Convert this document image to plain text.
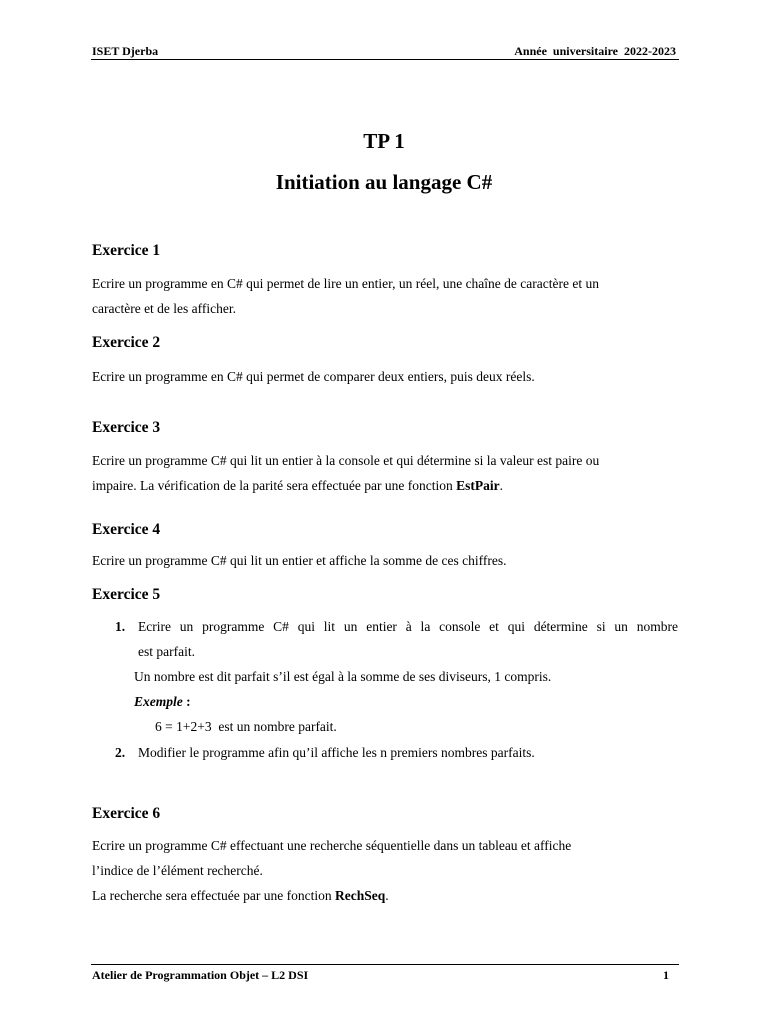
ISET Djerba	Année  universitaire  2022-2023
TP 1
Initiation au langage C#
Exercice 1
Ecrire un programme en C# qui permet de lire un entier, un réel, une chaîne de caractère et un
caractère et de les afficher.
Exercice 2
Ecrire un programme en C# qui permet de comparer deux entiers, puis deux réels.
Exercice 3
Ecrire un programme C# qui lit un entier à la console et qui détermine si la valeur est paire ou
impaire. La vérification de la parité sera effectuée par une fonction EstPair.
Exercice 4
Ecrire un programme C# qui lit un entier et affiche la somme de ces chiffres.
Exercice 5
1. Ecrire un programme C# qui lit un entier à la console et qui détermine si un nombre
est parfait.
Un nombre est dit parfait s’il est égal à la somme de ses diviseurs, 1 compris.
Exemple :
6 = 1+2+3  est un nombre parfait.
2. Modifier le programme afin qu’il affiche les n premiers nombres parfaits.
Exercice 6
Ecrire un programme C# effectuant une recherche séquentielle dans un tableau et affiche
l’indice de l’élément recherché.
La recherche sera effectuée par une fonction RechSeq.
Atelier de Programmation Objet – L2 DSI	1
